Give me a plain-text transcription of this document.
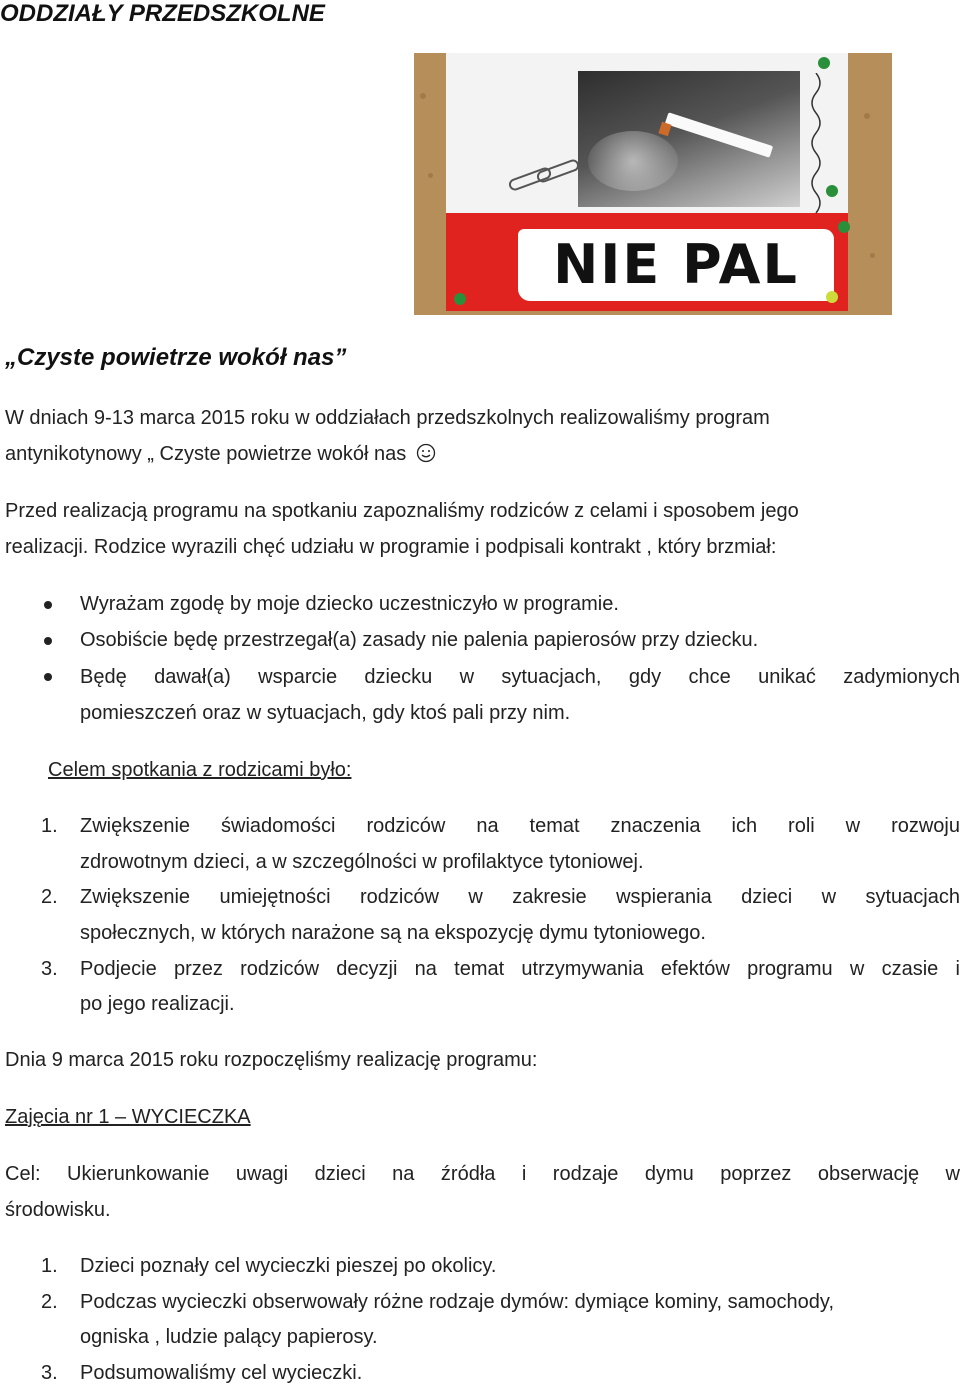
ODDZIAŁY PRZEDSZKOLNE
NIE PAL
„Czyste powietrze wokół nas”
W dniach 9-13 marca 2015 roku w oddziałach przedszkolnych realizowaliśmy program
antynikotynowy „ Czyste powietrze wokół nas
Przed realizacją programu na spotkaniu zapoznaliśmy rodziców z celami i sposobem jego
realizacji. Rodzice wyrazili chęć udziału w programie i podpisali kontrakt , który brzmiał:
Wyrażam zgodę by moje dziecko uczestniczyło w programie.
Osobiście będę przestrzegał(a) zasady nie palenia papierosów przy dziecku.
Będę dawał(a) wsparcie dziecku w sytuacjach, gdy chce unikać zadymionych
pomieszczeń oraz w sytuacjach, gdy ktoś pali przy nim.
Celem spotkania z rodzicami było:
1. Zwiększenie świadomości rodziców na temat znaczenia ich roli w rozwoju
zdrowotnym dzieci, a w szczególności w profilaktyce tytoniowej.
2. Zwiększenie umiejętności rodziców w zakresie wspierania dzieci w sytuacjach
społecznych, w których narażone są na ekspozycję dymu tytoniowego.
3. Podjecie przez rodziców decyzji na temat utrzymywania efektów programu w czasie i
po jego realizacji.
Dnia 9 marca 2015 roku rozpoczęliśmy realizację programu:
Zajęcia nr 1 – WYCIECZKA
Cel: Ukierunkowanie uwagi dzieci na źródła i rodzaje dymu poprzez obserwację w
środowisku.
1. Dzieci poznały cel wycieczki pieszej po okolicy.
2. Podczas wycieczki obserwowały różne rodzaje dymów: dymiące kominy, samochody,
ogniska , ludzie palący papierosy.
3. Podsumowaliśmy cel wycieczki.
